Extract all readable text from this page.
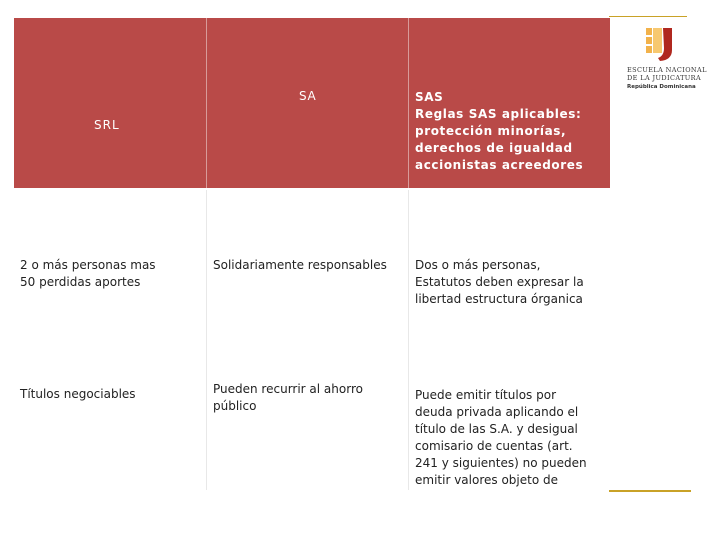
SRL
SA	SAS
Reglas SAS aplicables:
protección minorías,
derechos de igualdad
accionistas acreedores
2 o más personas mas
50 perdidas aportes
Solidariamente responsables Dos o más personas,
Estatutos deben expresar la
libertad estructura órganica
Títulos negociables	Pueden recurrir al ahorro
público
Puede emitir títulos por
deuda privada aplicando el
título de las S.A. y desigual
comisario de cuentas (art.
241 y siguientes) no pueden
emitir valores objeto de
ESCUELA NACIONAL
DE LA JUDICATURA
República Dominicana
